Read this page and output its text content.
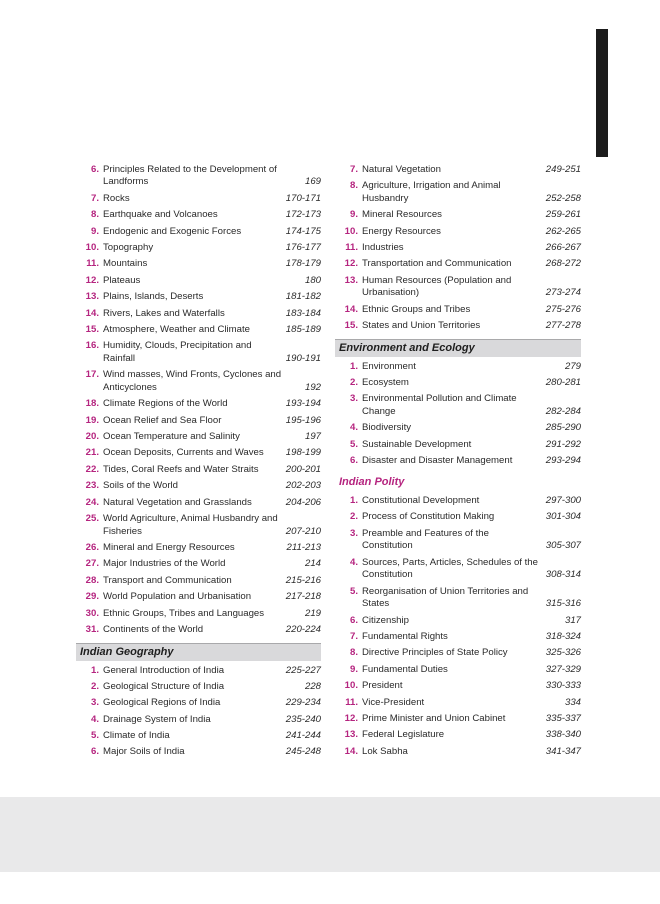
6. Principles Related to the Development of Landforms	169
7. Rocks	170-171
8. Earthquake and Volcanoes	172-173
9. Endogenic and Exogenic Forces	174-175
10. Topography	176-177
11. Mountains	178-179
12. Plateaus	180
13. Plains, Islands, Deserts	181-182
14. Rivers, Lakes and Waterfalls	183-184
15. Atmosphere, Weather and Climate	185-189
16. Humidity, Clouds, Precipitation and Rainfall	190-191
17. Wind masses, Wind Fronts, Cyclones and Anticyclones	192
18. Climate Regions of the World	193-194
19. Ocean Relief and Sea Floor	195-196
20. Ocean Temperature and Salinity	197
21. Ocean Deposits, Currents and Waves	198-199
22. Tides, Coral Reefs and Water Straits	200-201
23. Soils of the World	202-203
24. Natural Vegetation and Grasslands	204-206
25. World Agriculture, Animal Husbandry and Fisheries	207-210
26. Mineral and Energy Resources	211-213
27. Major Industries of the World	214
28. Transport and Communication	215-216
29. World Population and Urbanisation	217-218
30. Ethnic Groups, Tribes and Languages	219
31. Continents of the World	220-224
Indian Geography
1. General Introduction of India	225-227
2. Geological Structure of India	228
3. Geological Regions of India	229-234
4. Drainage System of India	235-240
5. Climate of India	241-244
6. Major Soils of India	245-248
7. Natural Vegetation	249-251
8. Agriculture, Irrigation and Animal Husbandry	252-258
9. Mineral Resources	259-261
10. Energy Resources	262-265
11. Industries	266-267
12. Transportation and Communication	268-272
13. Human Resources (Population and Urbanisation)	273-274
14. Ethnic Groups and Tribes	275-276
15. States and Union Territories	277-278
Environment and Ecology
1. Environment	279
2. Ecosystem	280-281
3. Environmental Pollution and Climate Change	282-284
4. Biodiversity	285-290
5. Sustainable Development	291-292
6. Disaster and Disaster Management	293-294
Indian Polity
1. Constitutional Development	297-300
2. Process of Constitution Making	301-304
3. Preamble and Features of the Constitution	305-307
4. Sources, Parts, Articles, Schedules of the Constitution	308-314
5. Reorganisation of Union Territories and States	315-316
6. Citizenship	317
7. Fundamental Rights	318-324
8. Directive Principles of State Policy	325-326
9. Fundamental Duties	327-329
10. President	330-333
11. Vice-President	334
12. Prime Minister and Union Cabinet	335-337
13. Federal Legislature	338-340
14. Lok Sabha	341-347
